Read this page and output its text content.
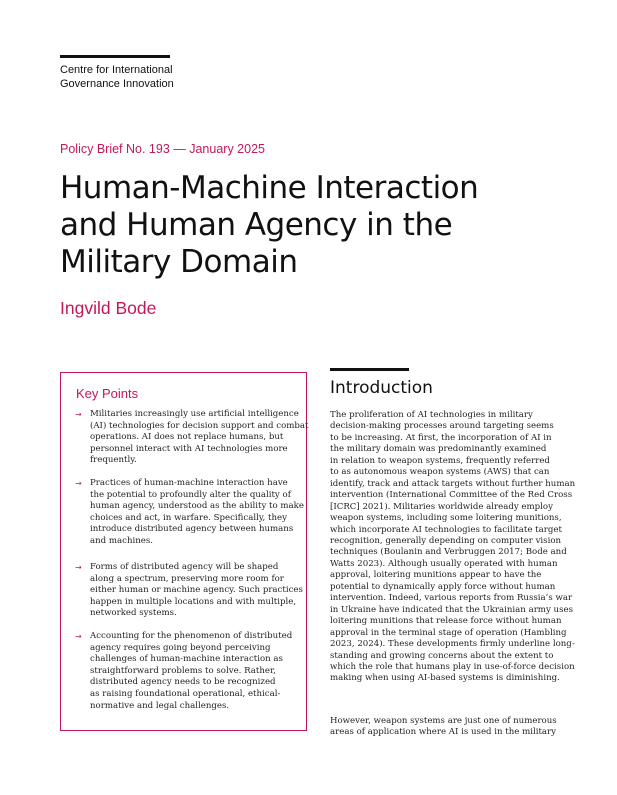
Centre for International
Governance Innovation
Policy Brief No. 193 — January 2025
Human-Machine Interaction
and Human Agency in the
Military Domain
Ingvild Bode
Key Points
→ Militaries increasingly use artificial intelligence
(AI) technologies for decision support and combat
operations. AI does not replace humans, but
personnel interact with AI technologies more
frequently.
→ Practices of human-machine interaction have
the potential to profoundly alter the quality of
human agency, understood as the ability to make
choices and act, in warfare. Specifically, they
introduce distributed agency between humans
and machines.
→ Forms of distributed agency will be shaped
along a spectrum, preserving more room for
either human or machine agency. Such practices
happen in multiple locations and with multiple,
networked systems.
→ Accounting for the phenomenon of distributed
agency requires going beyond perceiving
challenges of human-machine interaction as
straightforward problems to solve. Rather,
distributed agency needs to be recognized
as raising foundational operational, ethical-
normative and legal challenges.
Introduction
The proliferation of AI technologies in military
decision-making processes around targeting seems
to be increasing. At first, the incorporation of AI in
the military domain was predominantly examined
in relation to weapon systems, frequently referred
to as autonomous weapon systems (AWS) that can
identify, track and attack targets without further human
intervention (International Committee of the Red Cross
[ICRC] 2021). Militaries worldwide already employ
weapon systems, including some loitering munitions,
which incorporate AI technologies to facilitate target
recognition, generally depending on computer vision
techniques (Boulanin and Verbruggen 2017; Bode and
Watts 2023). Although usually operated with human
approval, loitering munitions appear to have the
potential to dynamically apply force without human
intervention. Indeed, various reports from Russia’s war
in Ukraine have indicated that the Ukrainian army uses
loitering munitions that release force without human
approval in the terminal stage of operation (Hambling
2023, 2024). These developments firmly underline long-
standing and growing concerns about the extent to
which the role that humans play in use-of-force decision
making when using AI-based systems is diminishing.
However, weapon systems are just one of numerous
areas of application where AI is used in the military
